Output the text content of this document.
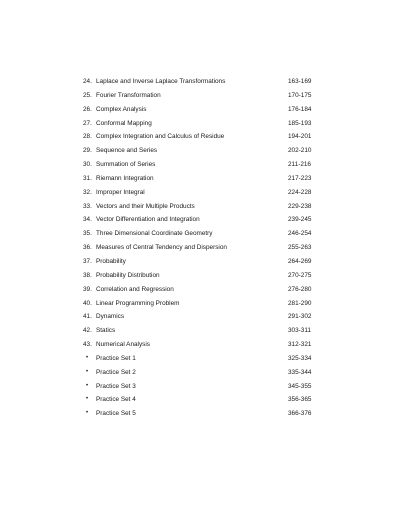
24. Laplace and Inverse Laplace Transformations	163-169
25. Fourier Transformation	170-175
26. Complex Analysis	176-184
27. Conformal Mapping	185-193
28. Complex Integration and Calculus of Residue	194-201
29. Sequence and Series	202-210
30. Summation of Series	211-216
31. Riemann Integration	217-223
32. Improper Integral	224-228
33. Vectors and their Multiple Products	229-238
34. Vector Differentiation and Integration	239-245
35. Three Dimensional Coordinate Geometry	246-254
36. Measures of Central Tendency and Dispersion	255-263
37. Probability	264-269
38. Probability Distribution	270-275
39. Correlation and Regression	276-280
40. Linear Programming Problem	281-290
41. Dynamics	291-302
42. Statics	303-311
43. Numerical Analysis	312-321
• Practice Set 1	325-334
• Practice Set 2	335-344
• Practice Set 3	345-355
• Practice Set 4	356-365
• Practice Set 5	366-376
